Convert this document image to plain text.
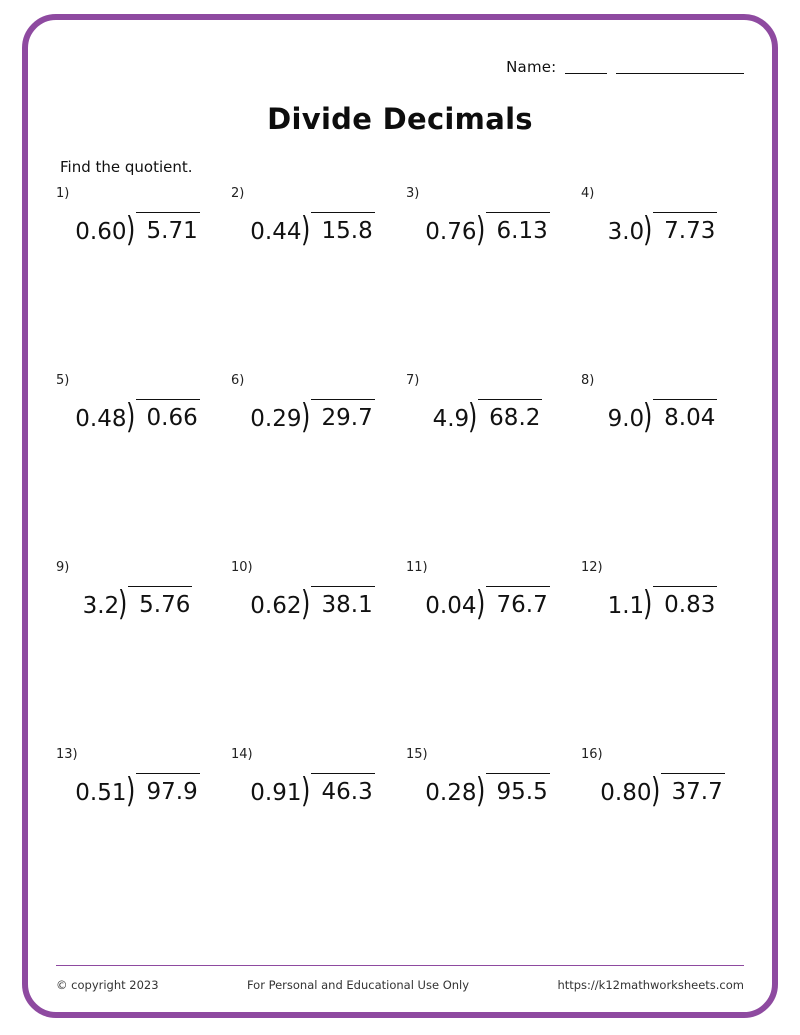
Name:
Divide Decimals
Find the quotient.
1)
0.60 ) 5.71
2)
0.44 ) 15.8
3)
0.76 ) 6.13
4)
3.0 ) 7.73
5)
0.48 ) 0.66
6)
0.29 ) 29.7
7)
4.9 ) 68.2
8)
9.0 ) 8.04
9)
3.2 ) 5.76
10)
0.62 ) 38.1
11)
0.04 ) 76.7
12)
1.1 ) 0.83
13)
0.51 ) 97.9
14)
0.91 ) 46.3
15)
0.28 ) 95.5
16)
0.80 ) 37.7
© copyright 2023	For Personal and Educational Use Only	https://k12mathworksheets.com
